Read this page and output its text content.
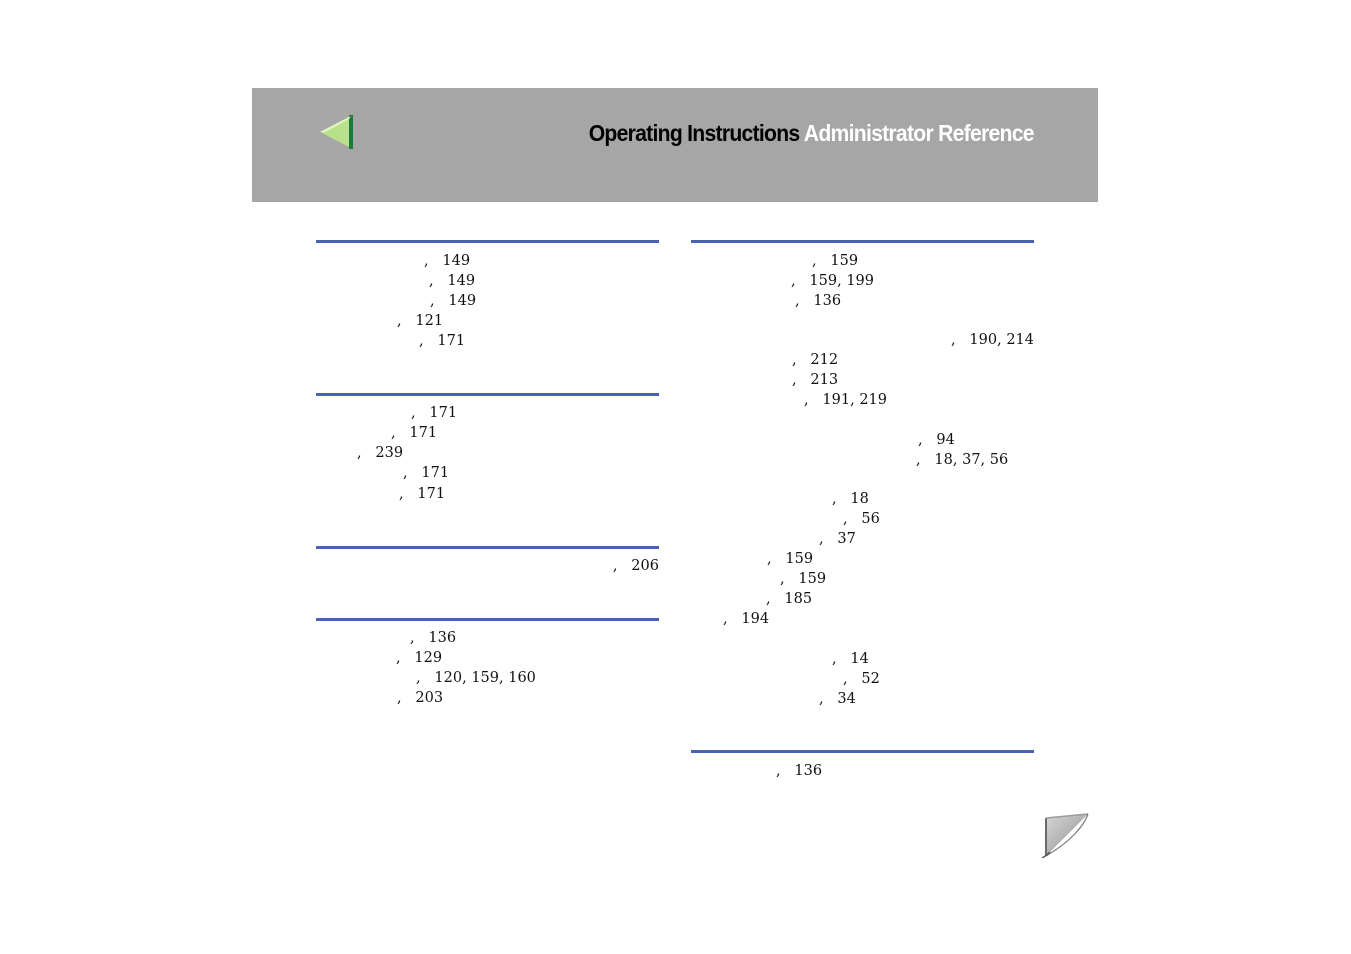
Operating Instructions Administrator Reference
,   149
,   149
,   149
,   121
,   171
,   171
,   171
,   239
,   171
,   171
,   206
,   136
,   129
,   120, 159, 160
,   203
,   159
,   159, 199
,   136
,   190, 214
,   212
,   213
,   191, 219
,   94
,   18, 37, 56
,   18
,   56
,   37
,   159
,   159
,   185
,   194
,   14
,   52
,   34
,   136
